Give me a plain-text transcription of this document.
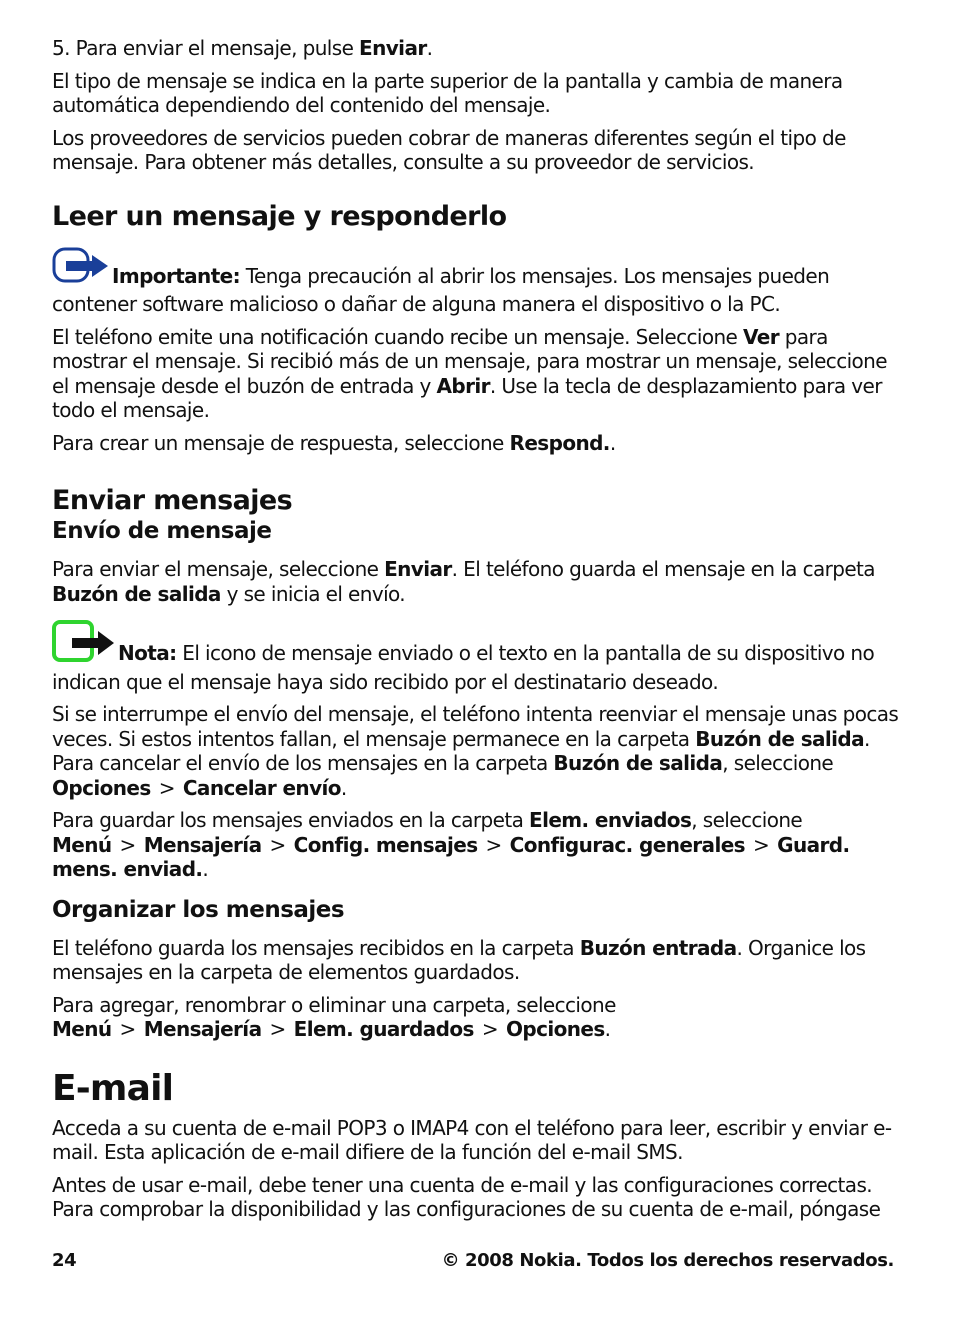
5. Para enviar el mensaje, pulse Enviar.

El tipo de mensaje se indica en la parte superior de la pantalla y cambia de manera automática dependiendo del contenido del mensaje.

Los proveedores de servicios pueden cobrar de maneras diferentes según el tipo de mensaje. Para obtener más detalles, consulte a su proveedor de servicios.

Leer un mensaje y responderlo

Importante: Tenga precaución al abrir los mensajes. Los mensajes pueden contener software malicioso o dañar de alguna manera el dispositivo o la PC.

El teléfono emite una notificación cuando recibe un mensaje. Seleccione Ver para mostrar el mensaje. Si recibió más de un mensaje, para mostrar un mensaje, seleccione el mensaje desde el buzón de entrada y Abrir. Use la tecla de desplazamiento para ver todo el mensaje.

Para crear un mensaje de respuesta, seleccione Respond..

Enviar mensajes
Envío de mensaje

Para enviar el mensaje, seleccione Enviar. El teléfono guarda el mensaje en la carpeta Buzón de salida y se inicia el envío.

Nota: El icono de mensaje enviado o el texto en la pantalla de su dispositivo no indican que el mensaje haya sido recibido por el destinatario deseado.

Si se interrumpe el envío del mensaje, el teléfono intenta reenviar el mensaje unas pocas veces. Si estos intentos fallan, el mensaje permanece en la carpeta Buzón de salida. Para cancelar el envío de los mensajes en la carpeta Buzón de salida, seleccione Opciones > Cancelar envío.

Para guardar los mensajes enviados en la carpeta Elem. enviados, seleccione Menú > Mensajería > Config. mensajes > Configurac. generales > Guard. mens. enviad..

Organizar los mensajes

El teléfono guarda los mensajes recibidos en la carpeta Buzón entrada. Organice los mensajes en la carpeta de elementos guardados.

Para agregar, renombrar o eliminar una carpeta, seleccione Menú > Mensajería > Elem. guardados > Opciones.

E-mail

Acceda a su cuenta de e-mail POP3 o IMAP4 con el teléfono para leer, escribir y enviar e-mail. Esta aplicación de e-mail difiere de la función del e-mail SMS.

Antes de usar e-mail, debe tener una cuenta de e-mail y las configuraciones correctas. Para comprobar la disponibilidad y las configuraciones de su cuenta de e-mail, póngase

24	© 2008 Nokia. Todos los derechos reservados.
